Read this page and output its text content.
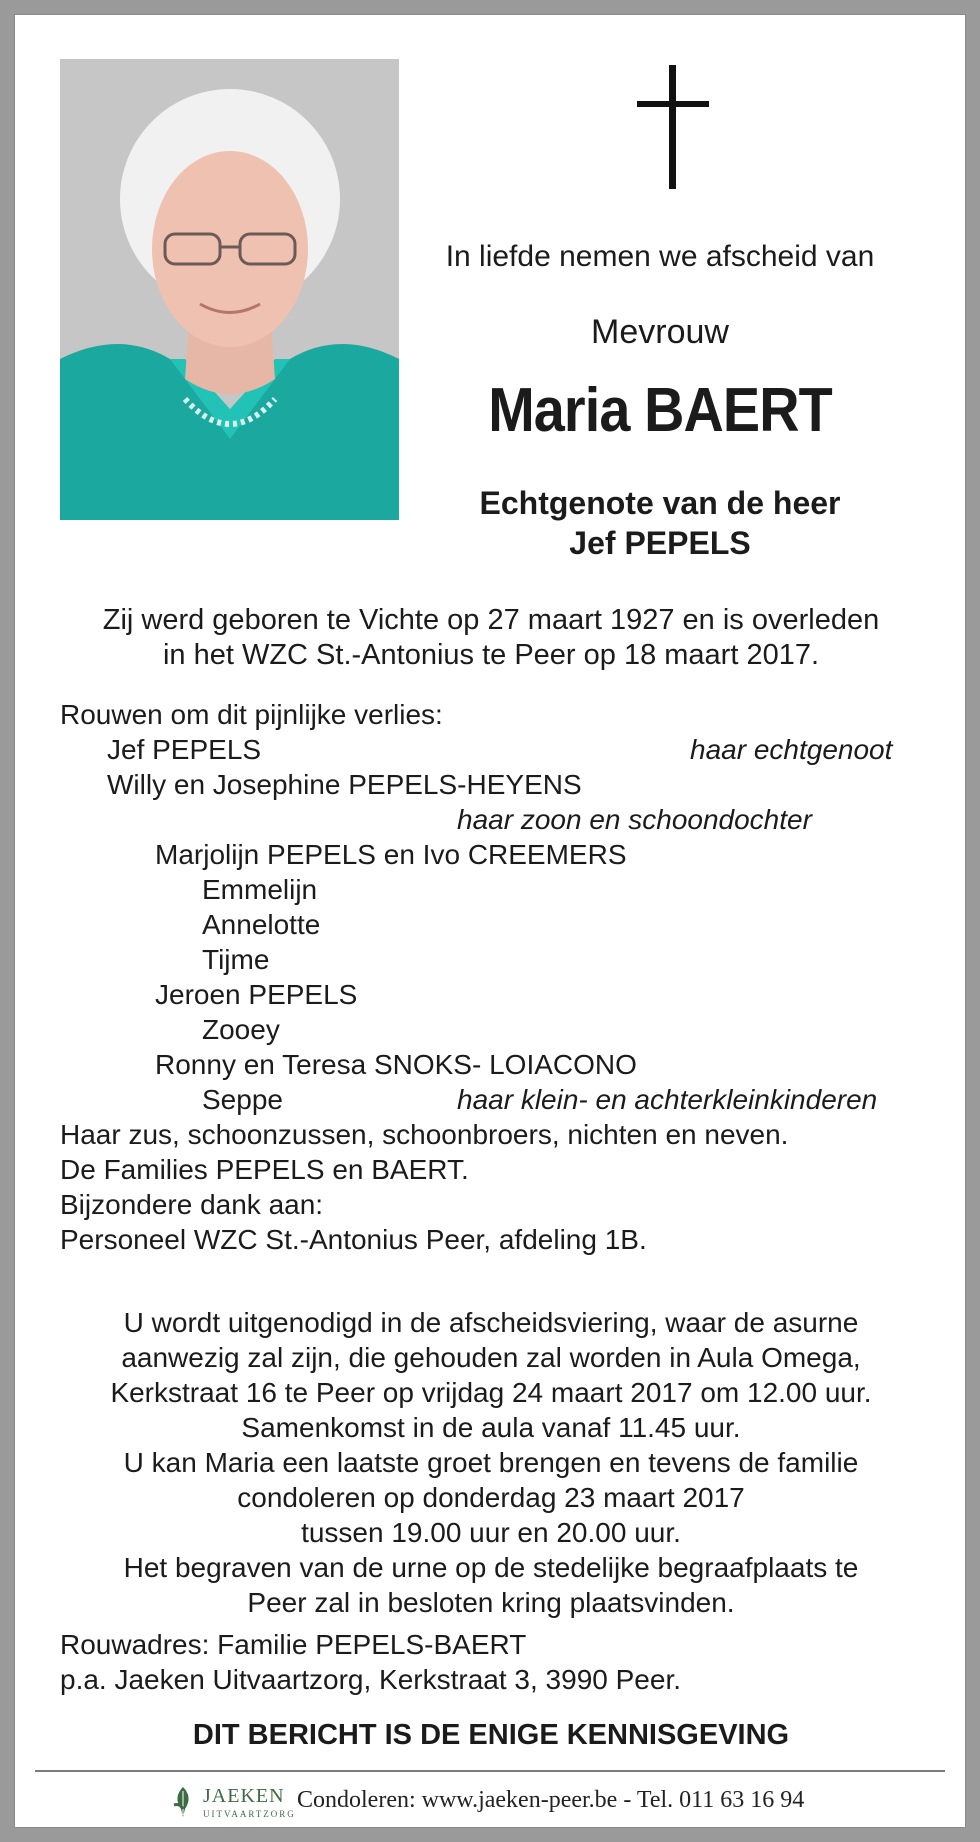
In liefde nemen we afscheid van
Mevrouw
Maria BAERT
Echtgenote van de heer
Jef PEPELS
Zij werd geboren te Vichte op 27 maart 1927 en is overleden
in het WZC St.-Antonius te Peer op 18 maart 2017.
Rouwen om dit pijnlijke verlies:
Jef PEPELS	haar echtgenoot
Willy en Josephine PEPELS-HEYENS
haar zoon en schoondochter
Marjolijn PEPELS en Ivo CREEMERS
Emmelijn
Annelotte
Tijme
Jeroen PEPELS
Zooey
Ronny en Teresa SNOKS- LOIACONO
Seppe	haar klein- en achterkleinkinderen
Haar zus, schoonzussen, schoonbroers, nichten en neven.
De Families PEPELS en BAERT.
Bijzondere dank aan:
Personeel WZC St.-Antonius Peer, afdeling 1B.
U wordt uitgenodigd in de afscheidsviering, waar de asurne
aanwezig zal zijn, die gehouden zal worden in Aula Omega,
Kerkstraat 16 te Peer op vrijdag 24 maart 2017 om 12.00 uur.
Samenkomst in de aula vanaf 11.45 uur.
U kan Maria een laatste groet brengen en tevens de familie
condoleren op donderdag 23 maart 2017
tussen 19.00 uur en 20.00 uur.
Het begraven van de urne op de stedelijke begraafplaats te
Peer zal in besloten kring plaatsvinden.
Rouwadres: Familie PEPELS-BAERT
p.a. Jaeken Uitvaartzorg, Kerkstraat 3, 3990 Peer.
DIT BERICHT IS DE ENIGE KENNISGEVING
JAEKEN
UITVAARTZORG
Condoleren: www.jaeken-peer.be - Tel. 011 63 16 94
